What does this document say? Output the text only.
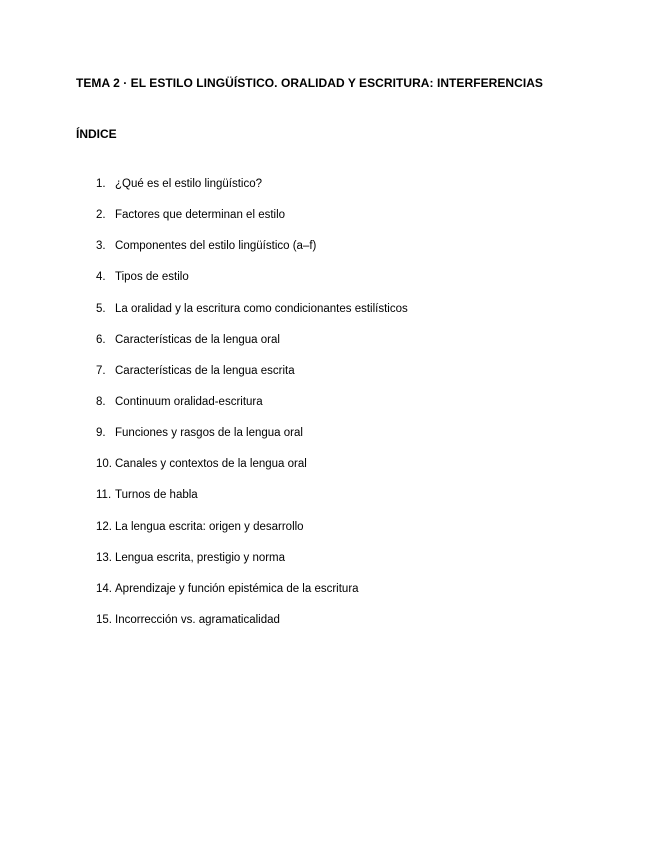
TEMA 2 · EL ESTILO LINGÜÍSTICO. ORALIDAD Y ESCRITURA: INTERFERENCIAS
ÍNDICE
1. ¿Qué es el estilo lingüístico?
2. Factores que determinan el estilo
3. Componentes del estilo lingüístico (a–f)
4. Tipos de estilo
5. La oralidad y la escritura como condicionantes estilísticos
6. Características de la lengua oral
7. Características de la lengua escrita
8. Continuum oralidad-escritura
9. Funciones y rasgos de la lengua oral
10. Canales y contextos de la lengua oral
11. Turnos de habla
12. La lengua escrita: origen y desarrollo
13. Lengua escrita, prestigio y norma
14. Aprendizaje y función epistémica de la escritura
15. Incorrección vs. agramaticalidad
